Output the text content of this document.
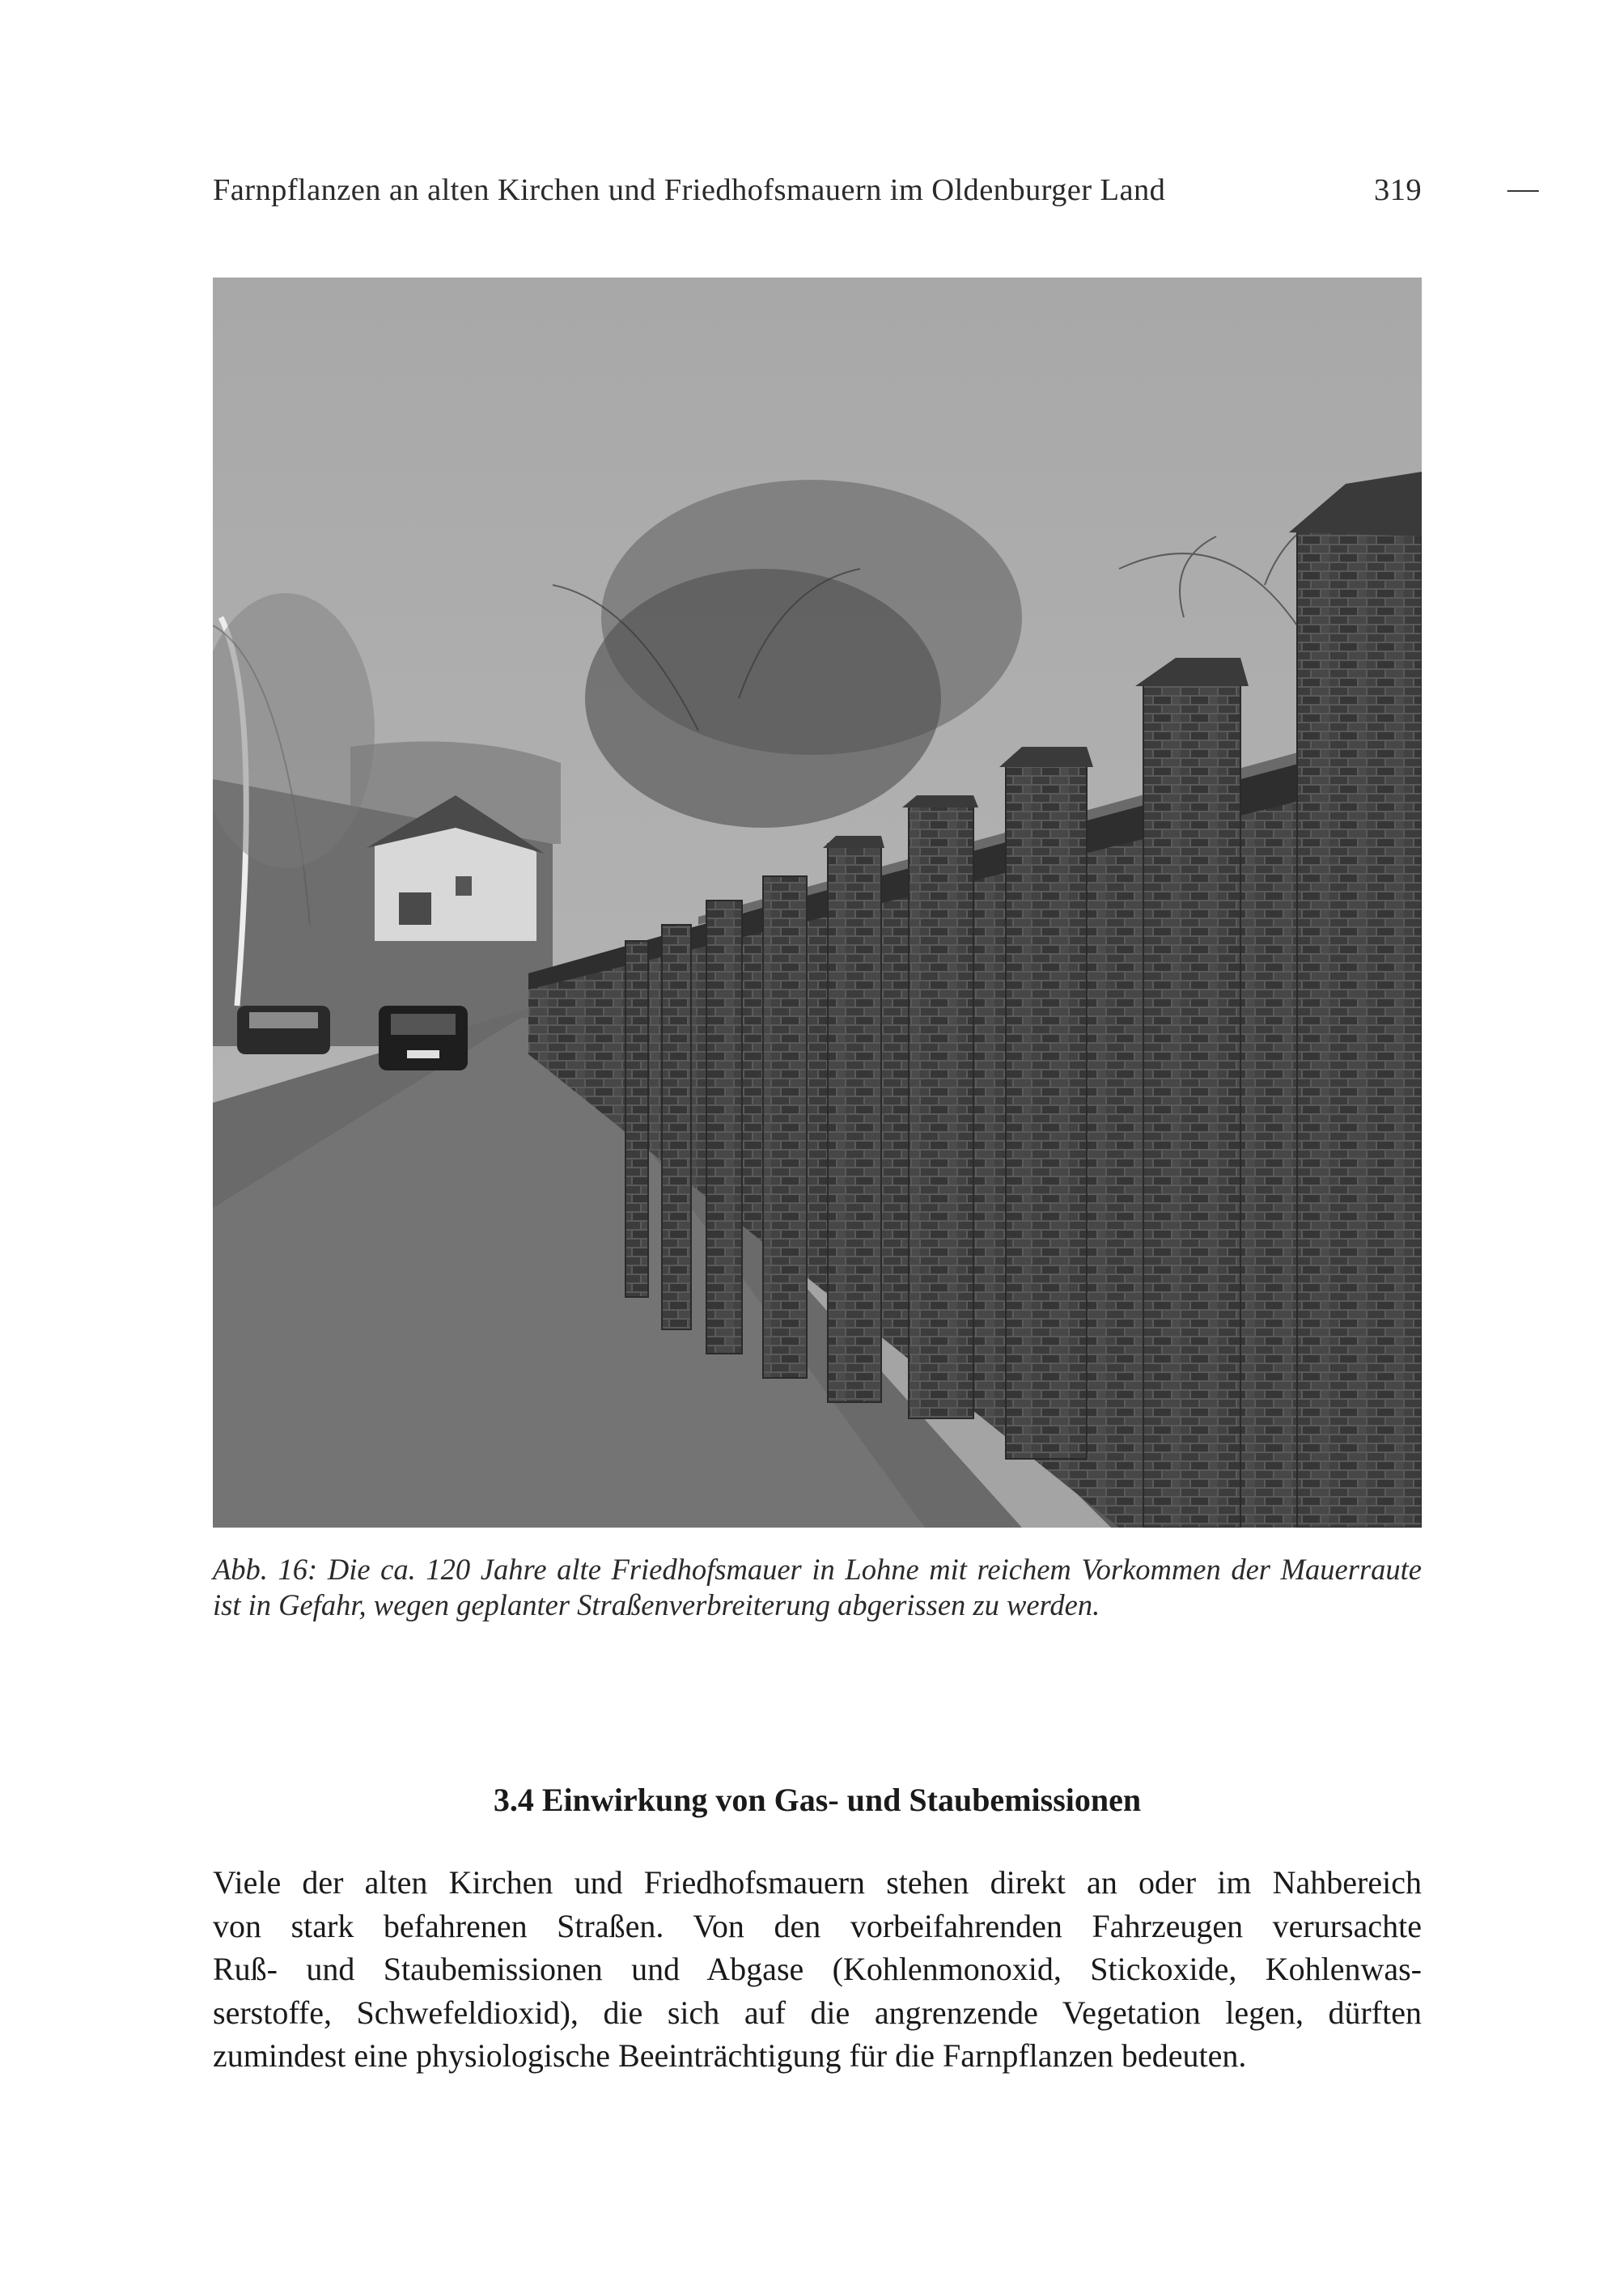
Farnpflanzen an alten Kirchen und Friedhofsmauern im Oldenburger Land	—
319
Abb. 16: Die ca. 120 Jahre alte Friedhofsmauer in Lohne mit reichem Vorkommen der Mauerraute
ist in Gefahr, wegen geplanter Straßenverbreiterung abgerissen zu werden.
3.4 Einwirkung von Gas- und Staubemissionen
Viele der alten Kirchen und Friedhofsmauern stehen direkt an oder im Nahbereich
von stark befahrenen Straßen. Von den vorbeifahrenden Fahrzeugen verursachte
Ruß- und Staubemissionen und Abgase (Kohlenmonoxid, Stickoxide, Kohlenwas-
serstoffe, Schwefeldioxid), die sich auf die angrenzende Vegetation legen, dürften
zumindest eine physiologische Beeinträchtigung für die Farnpflanzen bedeuten.
